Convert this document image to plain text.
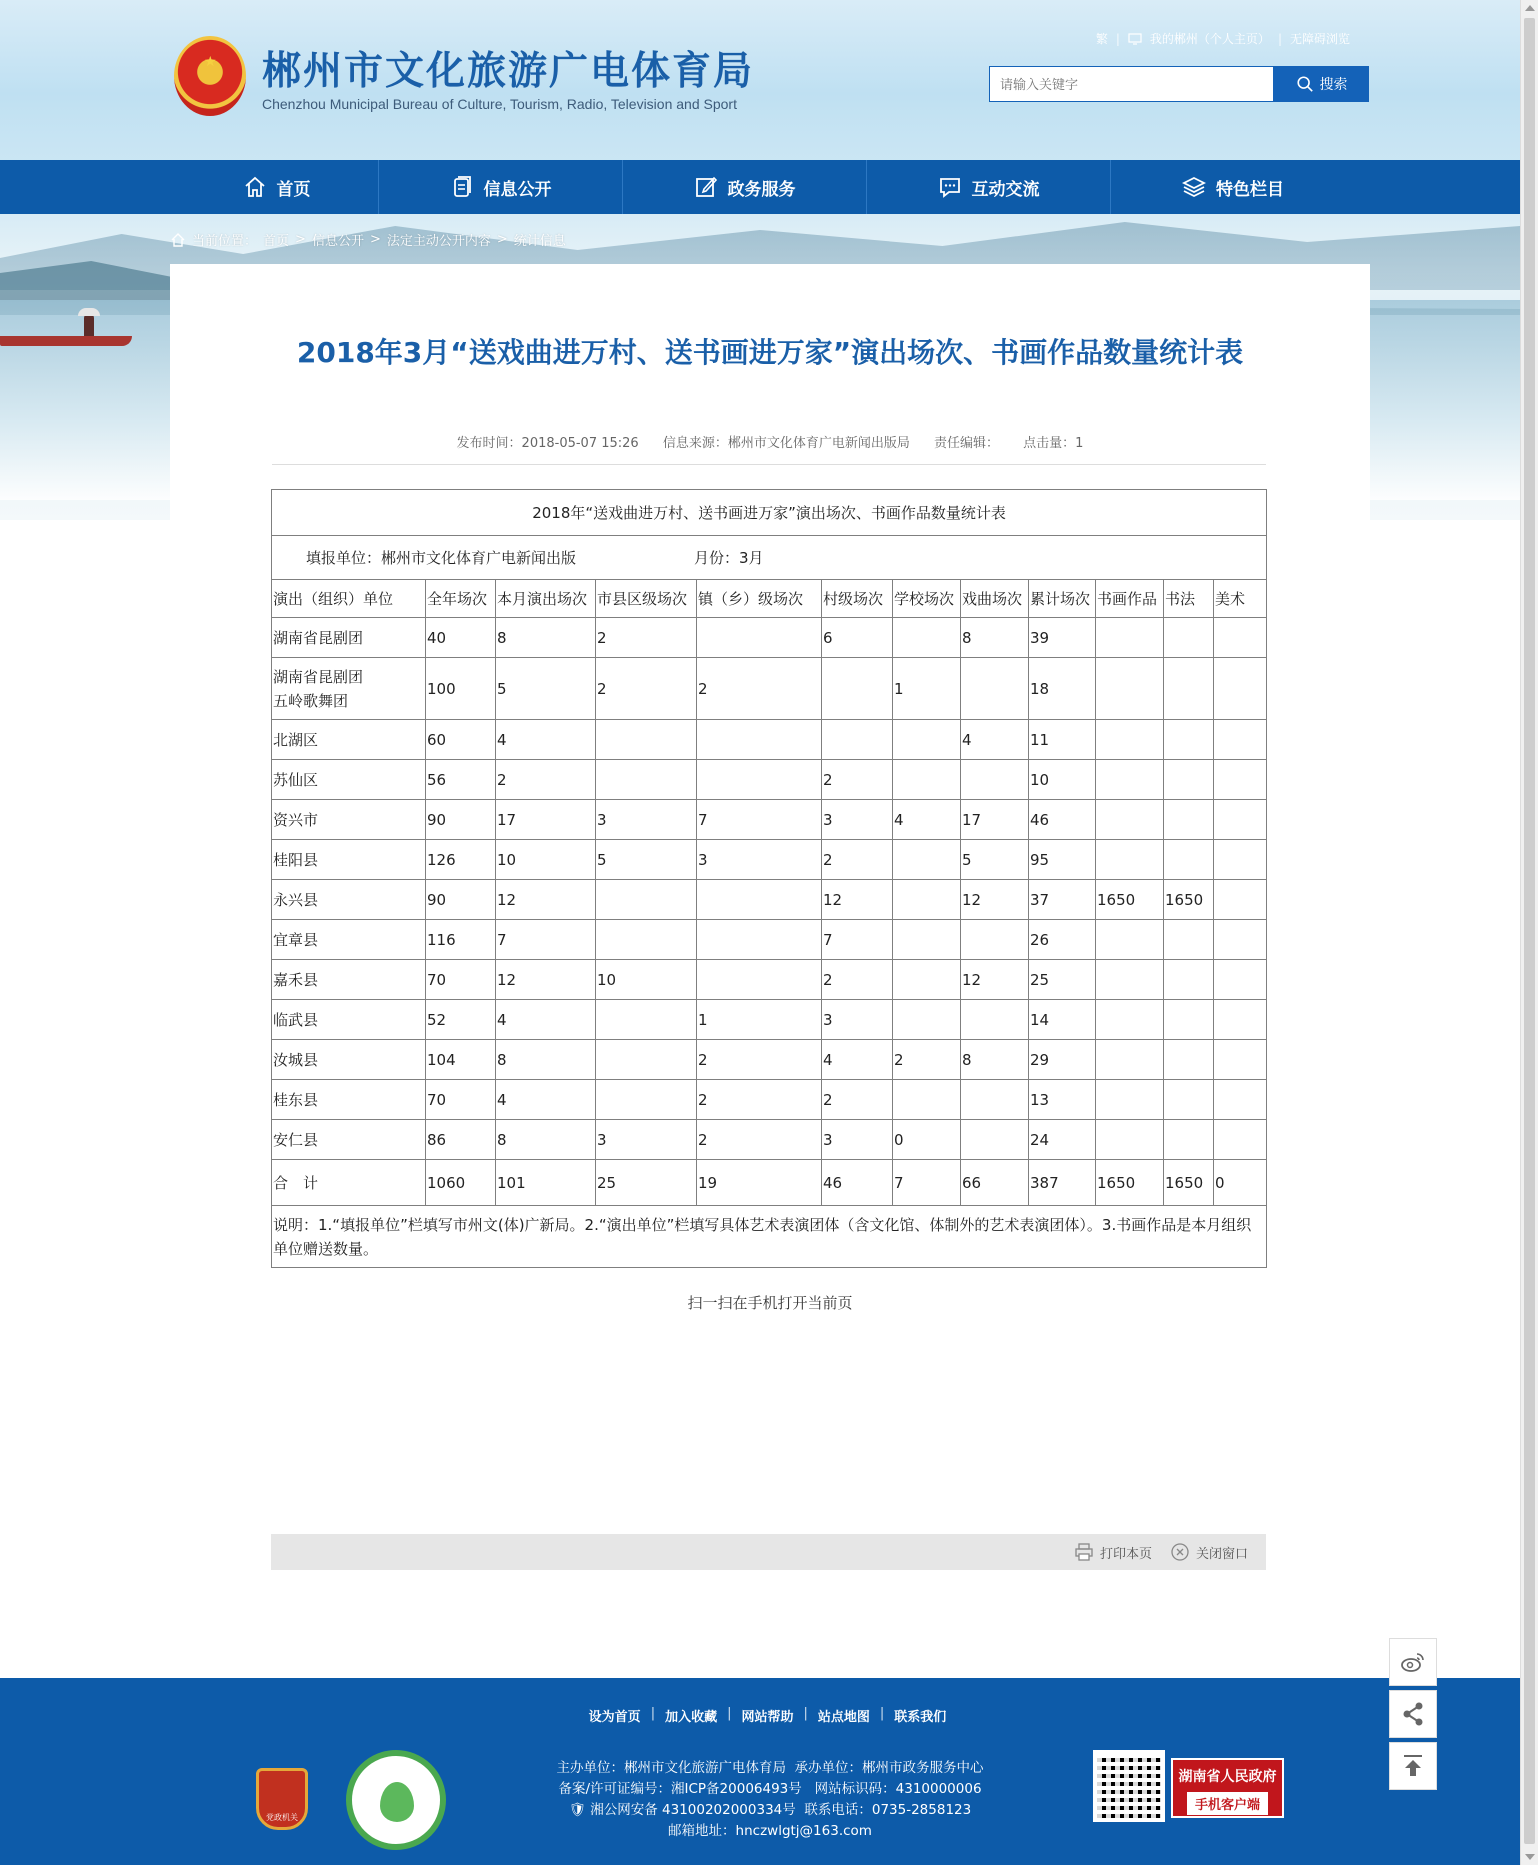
★ 郴州市文化旅游广电体育局
Chenzhou Municipal Bureau of Culture, Tourism, Radio, Television and Sport
繁 |	我的郴州（个人主页） | 无障碍浏览
请输入关键字
搜索
首页	信息公开	政务服务	互动交流	特色栏目
当前位置： 首页 > 信息公开 > 法定主动公开内容 > 统计信息
2018年3月“送戏曲进万村、送书画进万家”演出场次、书画作品数量统计表
发布时间：2018-05-07 15:26 信息来源：郴州市文化体育广电新闻出版局 责任编辑： 点击量：1
2018年“送戏曲进万村、送书画进万家”演出场次、书画作品数量统计表											
填报单位：郴州市文化体育广电新闻出版 月份：3月											
演出（组织）单位	全年场次	本月演出场次	市县区级场次	镇（乡）级场次	村级场次	学校场次	戏曲场次	累计场次	书画作品	书法	美术
湖南省昆剧团	40	8	2		6		8	39			
湖南省昆剧团
五岭歌舞团	100	5	2	2		1		18			
北湖区	60	4					4	11			
苏仙区	56	2			2			10			
资兴市	90	17	3	7	3	4	17	46			
桂阳县	126	10	5	3	2		5	95			
永兴县	90	12			12		12	37	1650	1650	
宜章县	116	7			7			26			
嘉禾县	70	12	10		2		12	25			
临武县	52	4		1	3			14			
汝城县	104	8		2	4	2	8	29			
桂东县	70	4		2	2			13			
安仁县	86	8	3	2	3	0		24			
合　计	1060	101	25	19	46	7	66	387	1650	1650	0
说明：1.“填报单位”栏填写市州文(体)广新局。2.“演出单位”栏填写具体艺术表演团体（含文化馆、体制外的艺术表演团体）。3.书画作品是本月组织单位赠送数量。											
扫一扫在手机打开当前页
打印本页	关闭窗口
设为首页 | 加入收藏 | 网站帮助 | 站点地图 | 联系我们
党政机关
主办单位：郴州市文化旅游广电体育局 承办单位：郴州市政务服务中心
备案/许可证编号：湘ICP备20006493号 网站标识码：4310000006
🛡 湘公网安备 43100202000334号 联系电话：0735-2858123
邮箱地址：hnczwlgtj@163.com
湖南省人民政府
手机客户端
